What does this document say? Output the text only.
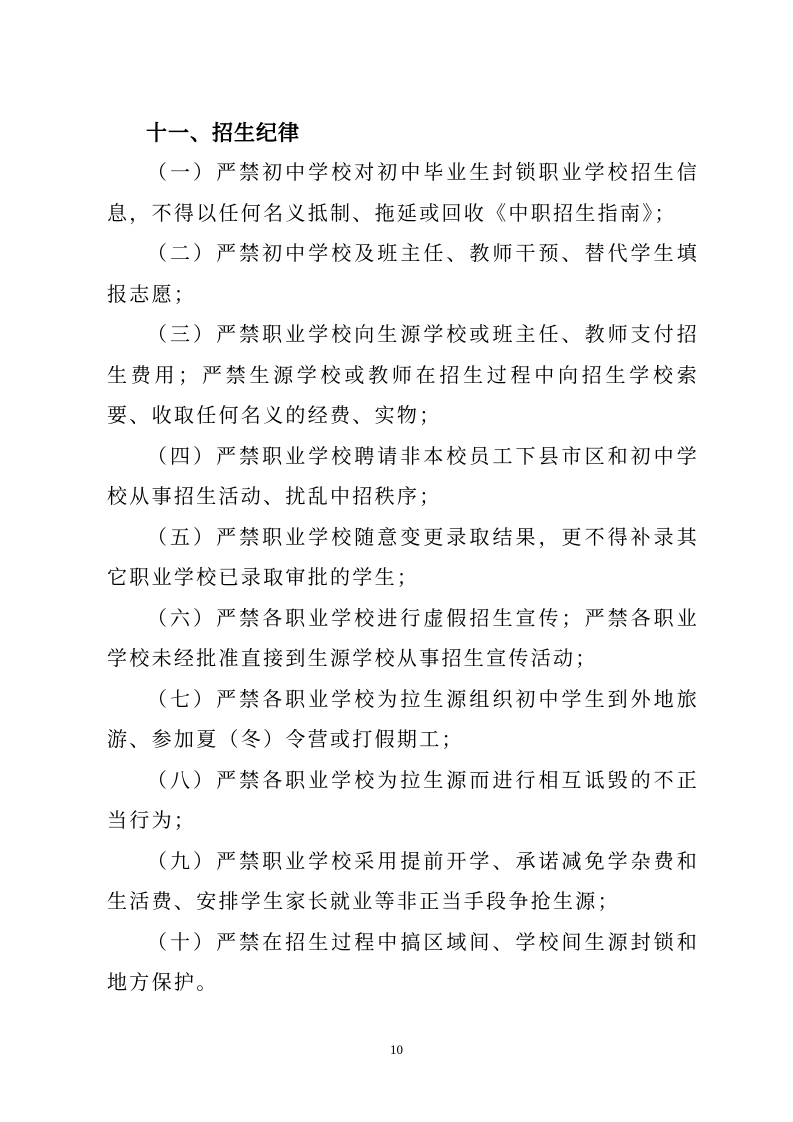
十一、招生纪律

（一）严禁初中学校对初中毕业生封锁职业学校招生信息，不得以任何名义抵制、拖延或回收《中职招生指南》；

（二）严禁初中学校及班主任、教师干预、替代学生填报志愿；

（三）严禁职业学校向生源学校或班主任、教师支付招生费用；严禁生源学校或教师在招生过程中向招生学校索要、收取任何名义的经费、实物；

（四）严禁职业学校聘请非本校员工下县市区和初中学校从事招生活动、扰乱中招秩序；

（五）严禁职业学校随意变更录取结果，更不得补录其它职业学校已录取审批的学生；

（六）严禁各职业学校进行虚假招生宣传；严禁各职业学校未经批准直接到生源学校从事招生宣传活动；

（七）严禁各职业学校为拉生源组织初中学生到外地旅游、参加夏（冬）令营或打假期工；

（八）严禁各职业学校为拉生源而进行相互诋毁的不正当行为；

（九）严禁职业学校采用提前开学、承诺减免学杂费和生活费、安排学生家长就业等非正当手段争抢生源；

（十）严禁在招生过程中搞区域间、学校间生源封锁和地方保护。

10
